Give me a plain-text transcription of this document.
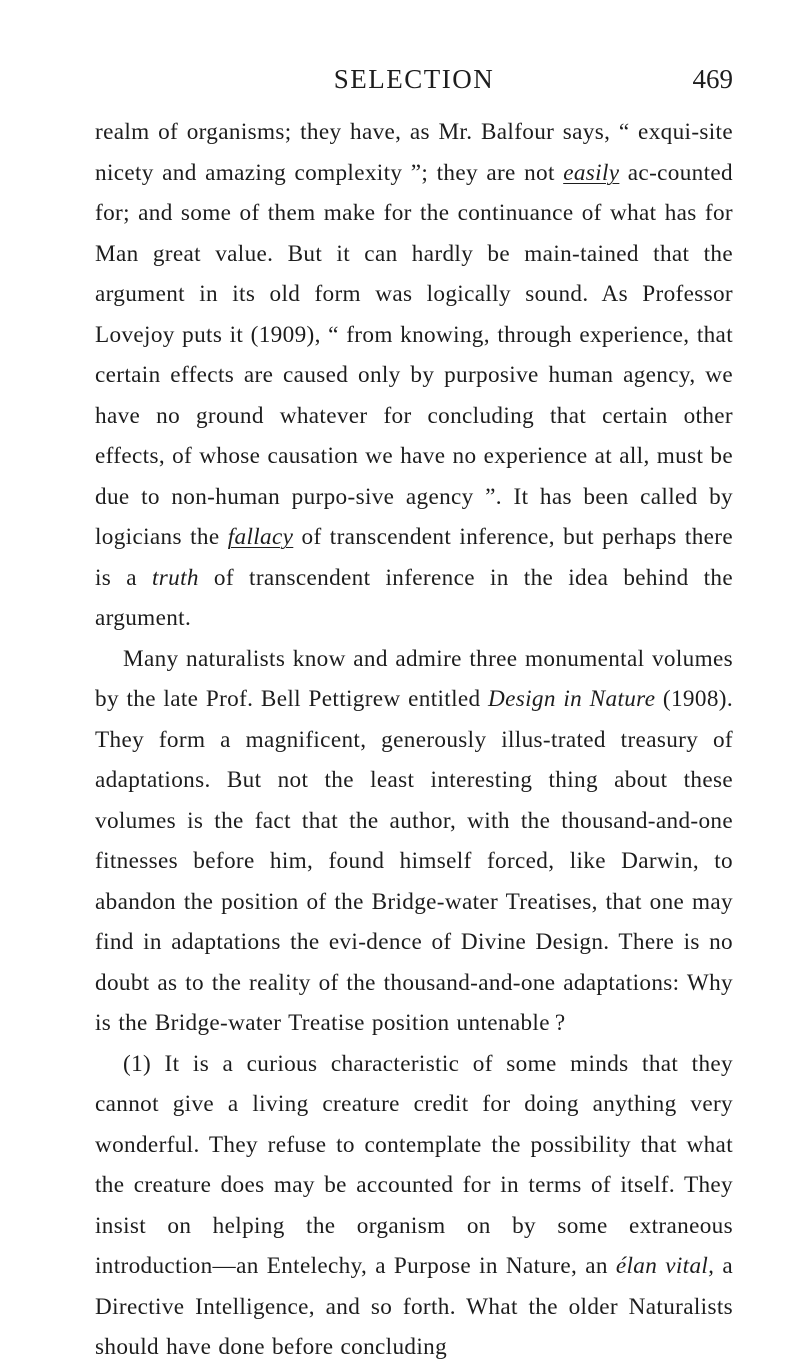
SELECTION	469

realm of organisms; they have, as Mr. Balfour says, “ exqui-site nicety and amazing complexity ”; they are not easily ac-counted for; and some of them make for the continuance of what has for Man great value. But it can hardly be main-tained that the argument in its old form was logically sound. As Professor Lovejoy puts it (1909), “ from knowing, through experience, that certain effects are caused only by purposive human agency, we have no ground whatever for concluding that certain other effects, of whose causation we have no experience at all, must be due to non-human purpo-sive agency ”. It has been called by logicians the fallacy of transcendent inference, but perhaps there is a truth of transcendent inference in the idea behind the argument.

Many naturalists know and admire three monumental volumes by the late Prof. Bell Pettigrew entitled Design in Nature (1908). They form a magnificent, generously illus-trated treasury of adaptations. But not the least interesting thing about these volumes is the fact that the author, with the thousand-and-one fitnesses before him, found himself forced, like Darwin, to abandon the position of the Bridge-water Treatises, that one may find in adaptations the evi-dence of Divine Design. There is no doubt as to the reality of the thousand-and-one adaptations: Why is the Bridge-water Treatise position untenable ?

(1) It is a curious characteristic of some minds that they cannot give a living creature credit for doing anything very wonderful. They refuse to contemplate the possibility that what the creature does may be accounted for in terms of itself. They insist on helping the organism on by some extraneous introduction—an Entelechy, a Purpose in Nature, an élan vital, a Directive Intelligence, and so forth. What the older Naturalists should have done before concluding
